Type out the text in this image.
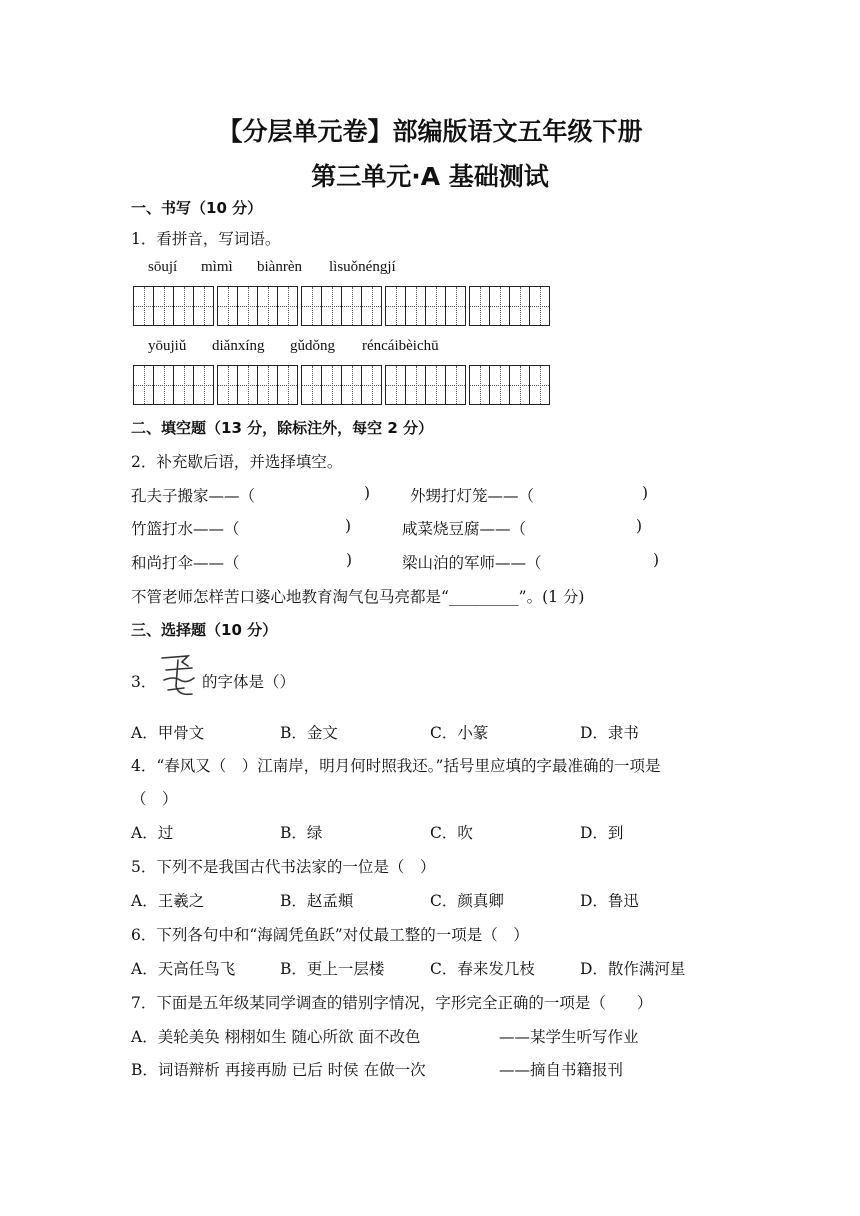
【分层单元卷】部编版语文五年级下册
第三单元·A 基础测试
一、书写（10 分）
1．看拼音，写词语。
sōují mìmì biànrèn lìsuǒnéngjí
yōujiǔ diǎnxíng gǔdǒng réncáibèichū
二、填空题（13 分，除标注外，每空 2 分）
2．补充歇后语，并选择填空。
孔夫子搬家——（	)	外甥打灯笼——（	)
竹篮打水——（	)	咸菜烧豆腐——（	)
和尚打伞——（	)	梁山泊的军师——（	)
不管老师怎样苦口婆心地教育淘气包马亮都是“_________”。(1 分)
三、选择题（10 分）
3．	的字体是（）
A．甲骨文	B．金文	C．小篆	D．隶书
4．“春风又（　）江南岸，明月何时照我还。”括号里应填的字最准确的一项是
（　）
A．过	B．绿	C．吹	D．到
5．下列不是我国古代书法家的一位是（　）
A．王羲之	B．赵孟頫	C．颜真卿	D．鲁迅
6．下列各句中和“海阔凭鱼跃”对仗最工整的一项是（　）
A．天高任鸟飞	B．更上一层楼	C．春来发几枝	D．散作满河星
7．下面是五年级某同学调查的错别字情况，字形完全正确的一项是（　　）
A．美轮美奂 栩栩如生 随心所欲 面不改色	——某学生听写作业
B．词语辩析 再接再励 已后 时侯 在做一次	——摘自书籍报刊
